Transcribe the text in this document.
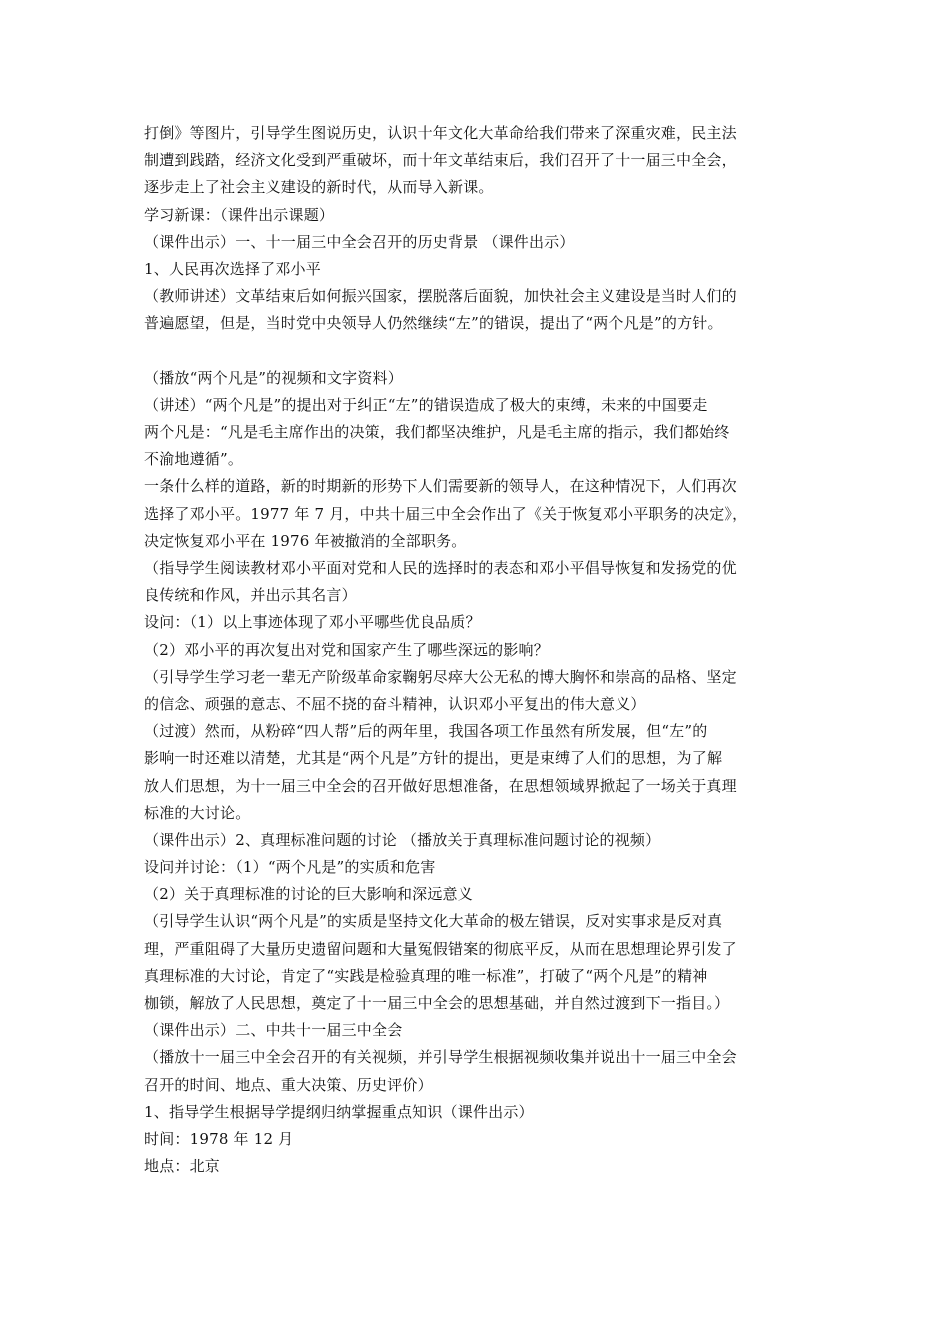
打倒》等图片，引导学生图说历史，认识十年文化大革命给我们带来了深重灾难，民主法
制遭到践踏，经济文化受到严重破坏，而十年文革结束后，我们召开了十一届三中全会，
逐步走上了社会主义建设的新时代，从而导入新课。
学习新课：（课件出示课题）
（课件出示）一、十一届三中全会召开的历史背景 （课件出示）
1、人民再次选择了邓小平
（教师讲述）文革结束后如何振兴国家，摆脱落后面貌，加快社会主义建设是当时人们的
普遍愿望，但是，当时党中央领导人仍然继续“左”的错误，提出了“两个凡是”的方针。
（播放“两个凡是”的视频和文字资料）
（讲述）“两个凡是”的提出对于纠正“左”的错误造成了极大的束缚，未来的中国要走
两个凡是：“凡是毛主席作出的决策，我们都坚决维护，凡是毛主席的指示，我们都始终
不渝地遵循”。
一条什么样的道路，新的时期新的形势下人们需要新的领导人，在这种情况下，人们再次
选择了邓小平。1977 年 7 月，中共十届三中全会作出了《关于恢复邓小平职务的决定》，
决定恢复邓小平在 1976 年被撤消的全部职务。
（指导学生阅读教材邓小平面对党和人民的选择时的表态和邓小平倡导恢复和发扬党的优
良传统和作风，并出示其名言）
设问：（1）以上事迹体现了邓小平哪些优良品质？
（2）邓小平的再次复出对党和国家产生了哪些深远的影响？
（引导学生学习老一辈无产阶级革命家鞠躬尽瘁大公无私的博大胸怀和崇高的品格、坚定
的信念、顽强的意志、不屈不挠的奋斗精神，认识邓小平复出的伟大意义）
（过渡）然而，从粉碎“四人帮”后的两年里，我国各项工作虽然有所发展，但“左”的
影响一时还难以清楚，尤其是“两个凡是”方针的提出，更是束缚了人们的思想，为了解
放人们思想，为十一届三中全会的召开做好思想准备，在思想领域界掀起了一场关于真理
标准的大讨论。
（课件出示）2、真理标准问题的讨论 （播放关于真理标准问题讨论的视频）
设问并讨论：（1）“两个凡是”的实质和危害
（2）关于真理标准的讨论的巨大影响和深远意义
（引导学生认识“两个凡是”的实质是坚持文化大革命的极左错误，反对实事求是反对真
理，严重阻碍了大量历史遗留问题和大量冤假错案的彻底平反，从而在思想理论界引发了
真理标准的大讨论，肯定了“实践是检验真理的唯一标准”，打破了“两个凡是”的精神
枷锁，解放了人民思想，奠定了十一届三中全会的思想基础，并自然过渡到下一指目。）
（课件出示）二、中共十一届三中全会
（播放十一届三中全会召开的有关视频，并引导学生根据视频收集并说出十一届三中全会
召开的时间、地点、重大决策、历史评价）
1、指导学生根据导学提纲归纳掌握重点知识（课件出示）
时间：1978 年 12 月
地点：北京
